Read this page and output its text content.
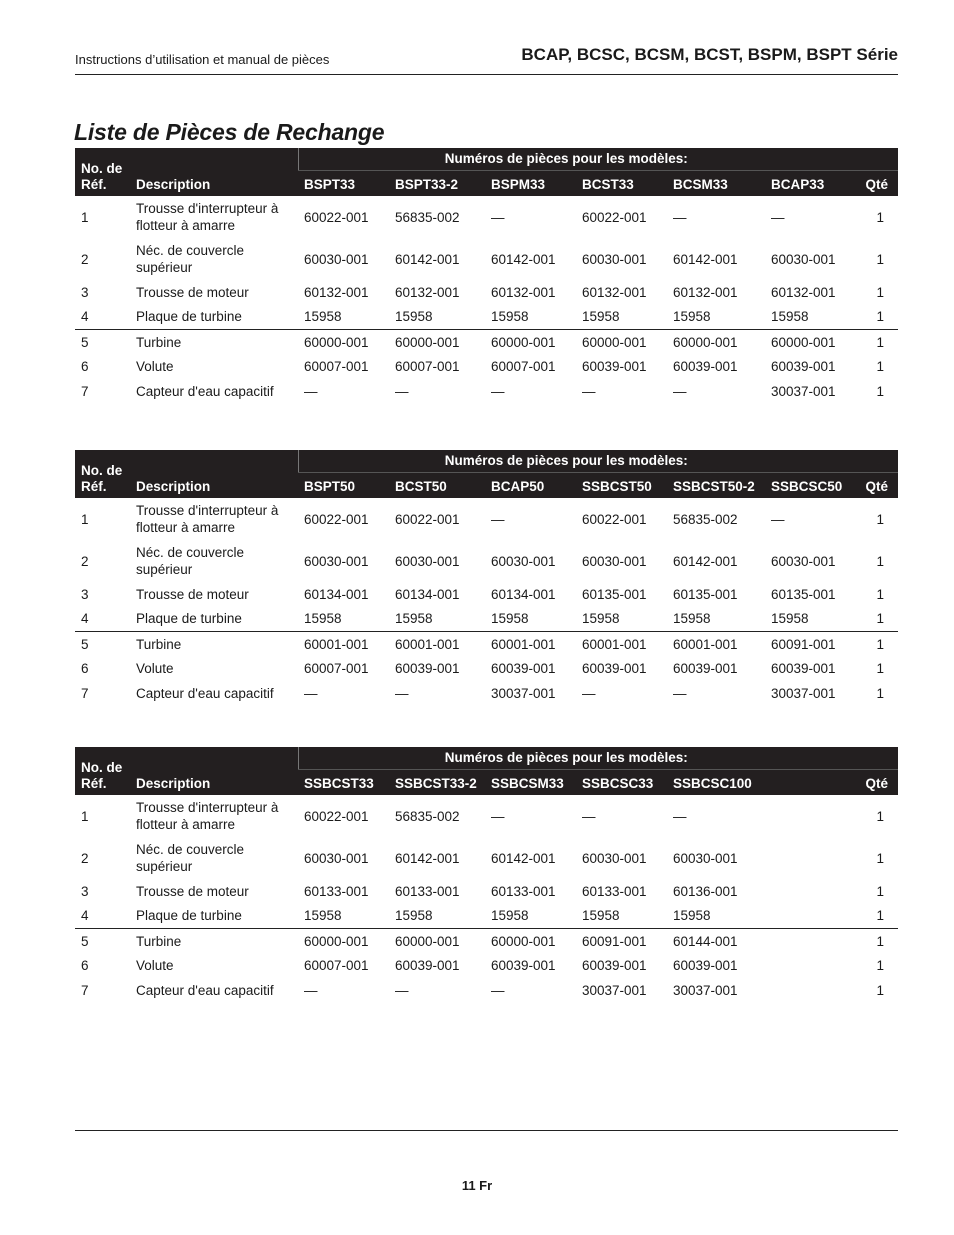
Instructions d’utilisation et manual de pièces	BCAP, BCSC, BCSM, BCST, BSPM, BSPT Série
Liste de Pièces de Rechange
No. de
Réf.	Description	Numéros de pièces pour les modèles:						
		BSPT33	BSPT33-2	BSPM33	BCST33	BCSM33	BCAP33	Qté
1	Trousse d'interrupteur à flotteur à amarre	60022-001	56835-002	—	60022-001	—	—	1
2	Néc. de couvercle supérieur	60030-001	60142-001	60142-001	60030-001	60142-001	60030-001	1
3	Trousse de moteur	60132-001	60132-001	60132-001	60132-001	60132-001	60132-001	1
4	Plaque de turbine	15958	15958	15958	15958	15958	15958	1
5	Turbine	60000-001	60000-001	60000-001	60000-001	60000-001	60000-001	1
6	Volute	60007-001	60007-001	60007-001	60039-001	60039-001	60039-001	1
7	Capteur d'eau capacitif	—	—	—	—	—	30037-001	1
No. de
Réf.	Description	Numéros de pièces pour les modèles:						
		BSPT50	BCST50	BCAP50	SSBCST50	SSBCST50-2	SSBCSC50	Qté
1	Trousse d'interrupteur à flotteur à amarre	60022-001	60022-001	—	60022-001	56835-002	—	1
2	Néc. de couvercle supérieur	60030-001	60030-001	60030-001	60030-001	60142-001	60030-001	1
3	Trousse de moteur	60134-001	60134-001	60134-001	60135-001	60135-001	60135-001	1
4	Plaque de turbine	15958	15958	15958	15958	15958	15958	1
5	Turbine	60001-001	60001-001	60001-001	60001-001	60001-001	60091-001	1
6	Volute	60007-001	60039-001	60039-001	60039-001	60039-001	60039-001	1
7	Capteur d'eau capacitif	—	—	30037-001	—	—	30037-001	1
No. de
Réf.	Description	Numéros de pièces pour les modèles:						
		SSBCST33	SSBCST33-2	SSBCSM33	SSBCSC33	SSBCSC100		Qté
1	Trousse d'interrupteur à flotteur à amarre	60022-001	56835-002	—	—	—		1
2	Néc. de couvercle supérieur	60030-001	60142-001	60142-001	60030-001	60030-001		1
3	Trousse de moteur	60133-001	60133-001	60133-001	60133-001	60136-001		1
4	Plaque de turbine	15958	15958	15958	15958	15958		1
5	Turbine	60000-001	60000-001	60000-001	60091-001	60144-001		1
6	Volute	60007-001	60039-001	60039-001	60039-001	60039-001		1
7	Capteur d'eau capacitif	—	—	—	30037-001	30037-001		1
11 Fr
